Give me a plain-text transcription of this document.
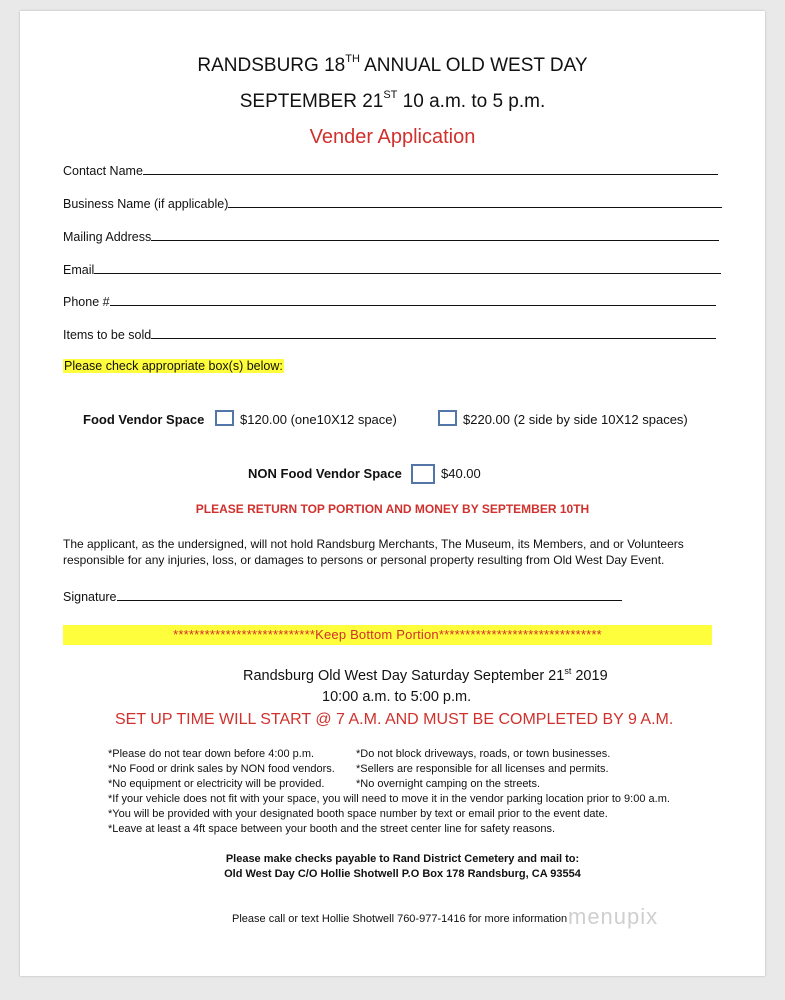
RANDSBURG 18TH ANNUAL OLD WEST DAY
SEPTEMBER 21ST 10 a.m. to 5 p.m.
Vender Application
Contact Name
Business Name (if applicable)
Mailing Address
Email
Phone #
Items to be sold
Please check appropriate box(s) below:
Food Vendor Space	$120.00 (one10X12 space)	$220.00 (2 side by side 10X12 spaces)
NON Food Vendor Space	$40.00
PLEASE RETURN TOP PORTION AND MONEY BY SEPTEMBER 10TH
The applicant, as the undersigned, will not hold Randsburg Merchants, The Museum, its Members, and or Volunteers
responsible for any injuries, loss, or damages to persons or personal property resulting from Old West Day Event.
Signature
***************************Keep Bottom Portion*******************************
Randsburg Old West Day Saturday September 21st 2019
10:00 a.m. to 5:00 p.m.
SET UP TIME WILL START @ 7 A.M. AND MUST BE COMPLETED BY 9 A.M.
*Please do not tear down before 4:00 p.m.	*Do not block driveways, roads, or town businesses.
*No Food or drink sales by NON food vendors. *Sellers are responsible for all licenses and permits.
*No equipment or electricity will be provided.	*No overnight camping on the streets.
*If your vehicle does not fit with your space, you will need to move it in the vendor parking location prior to 9:00 a.m.
*You will be provided with your designated booth space number by text or email prior to the event date.
*Leave at least a 4ft space between your booth and the street center line for safety reasons.
Please make checks payable to Rand District Cemetery and mail to:
Old West Day C/O Hollie Shotwell P.O Box 178 Randsburg, CA 93554
Please call or text Hollie Shotwell 760-977-1416 for more information menupix
